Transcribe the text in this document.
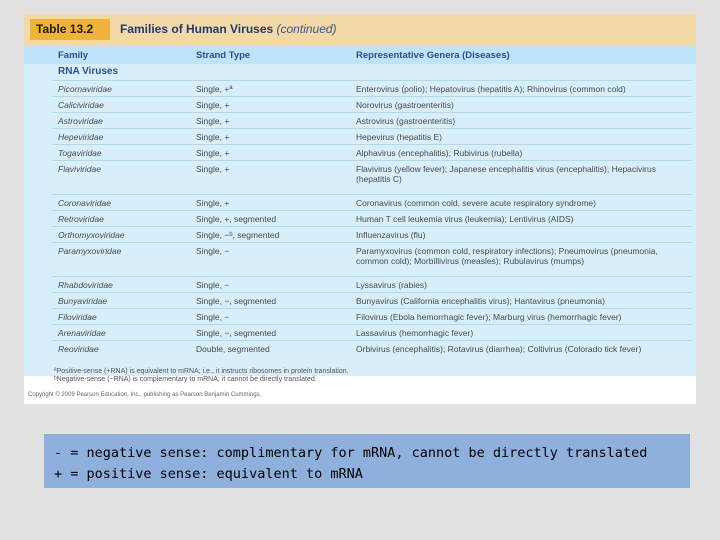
Table 13.2	Families of Human Viruses (continued)
Family	Strand Type	Representative Genera (Diseases)
RNA Viruses
Picornaviridae	Single, +ª	Enterovirus (polio); Hepatovirus (hepatitis A); Rhinovirus (common cold)
Caliciviridae	Single, +	Norovirus (gastroenteritis)
Astroviridae	Single, +	Astrovirus (gastroenteritis)
Hepeviridae	Single, +	Hepevirus (hepatitis E)
Togaviridae	Single, +	Alphavirus (encephalitis); Rubivirus (rubella)
Flaviviridae	Single, +	Flavivirus (yellow fever); Japanese encephalitis virus (encephalitis); Hepacivirus (hepatitis C)
Coronaviridae	Single, +	Coronavirus (common cold, severe acute respiratory syndrome)
Retroviridae	Single, +, segmented	Human T cell leukemia virus (leukemia); Lentivirus (AIDS)
Orthomyxoviridae	Single, −ᵇ, segmented	Influenzavirus (flu)
Paramyxoviridae	Single, −	Paramyxovirus (common cold, respiratory infections); Pneumovirus (pneumonia, common cold); Morbillivirus (measles); Rubulavirus (mumps)
Rhabdoviridae	Single, −	Lyssavirus (rabies)
Bunyaviridae	Single, −, segmented	Bunyavirus (California encephalitis virus); Hantavirus (pneumonia)
Filoviridae	Single, −	Filovirus (Ebola hemorrhagic fever); Marburg virus (hemorrhagic fever)
Arenaviridae	Single, −, segmented	Lassavirus (hemorrhagic fever)
Reoviridae	Double, segmented	Orbivirus (encephalitis); Rotavirus (diarrhea); Coltivirus (Colorado tick fever)
ªPositive-sense (+RNA) is equivalent to mRNA; i.e., it instructs ribosomes in protein translation.
ᵇNegative-sense (−RNA) is complementary to mRNA; it cannot be directly translated.
Copyright © 2009 Pearson Education, Inc., publishing as Pearson Benjamin Cummings.
- = negative sense: complimentary for mRNA, cannot be directly translated
+ = positive sense: equivalent to mRNA
